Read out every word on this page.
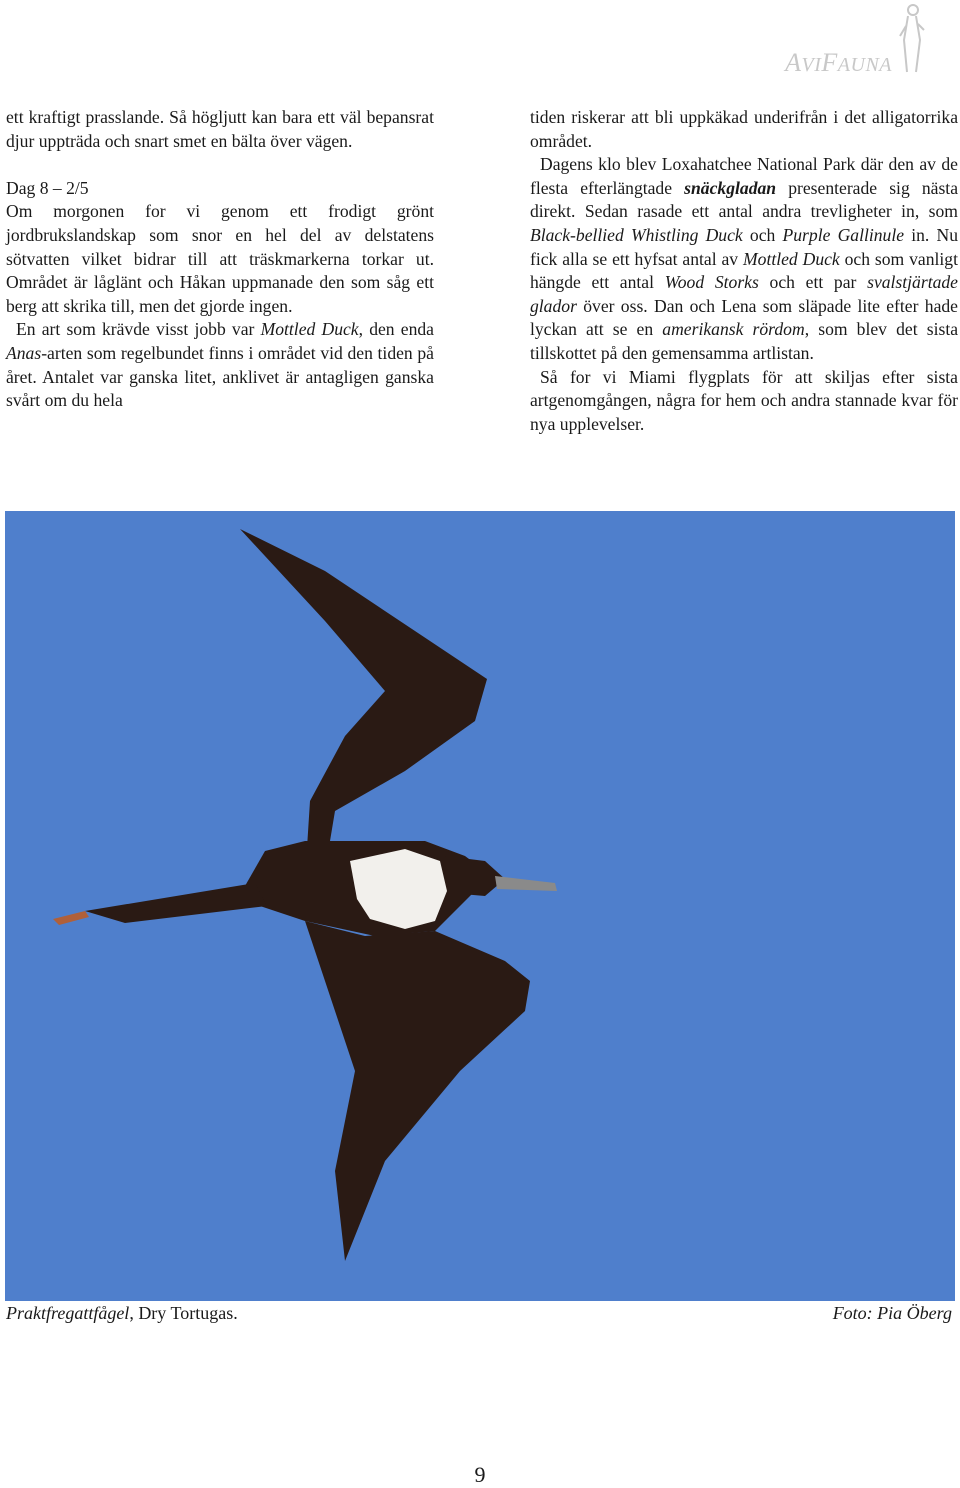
AVIFAUNA

ett kraftigt prasslande. Så högljutt kan bara ett väl bepansrat djur uppträda och snart smet en bälta över vägen.

Dag 8 – 2/5

Om morgonen for vi genom ett frodigt grönt jordbrukslandskap som snor en hel del av delstatens sötvatten vilket bidrar till att träskmarkerna torkar ut. Området är låglänt och Håkan uppmanade den som såg ett berg att skrika till, men det gjorde ingen.

En art som krävde visst jobb var Mottled Duck, den enda Anas-arten som regelbundet finns i området vid den tiden på året. Antalet var ganska litet, anklivet är antagligen ganska svårt om du hela

tiden riskerar att bli uppkäkad underifrån i det alligatorrika området.

Dagens klo blev Loxahatchee National Park där den av de flesta efterlängtade snäckgladan presenterade sig nästa direkt. Sedan rasade ett antal andra trevligheter in, som Black-bellied Whistling Duck och Purple Gallinule in. Nu fick alla se ett hyfsat antal av Mottled Duck och som vanligt hängde ett antal Wood Storks och ett par svalstjärtade glador över oss. Dan och Lena som släpade lite efter hade lyckan att se en amerikansk rördom, som blev det sista tillskottet på den gemensamma artlistan.

Så for vi Miami flygplats för att skiljas efter sista artgenomgången, några for hem och andra stannade kvar för nya upplevelser.

Praktfregattfågel, Dry Tortugas.	Foto: Pia Öberg
9
